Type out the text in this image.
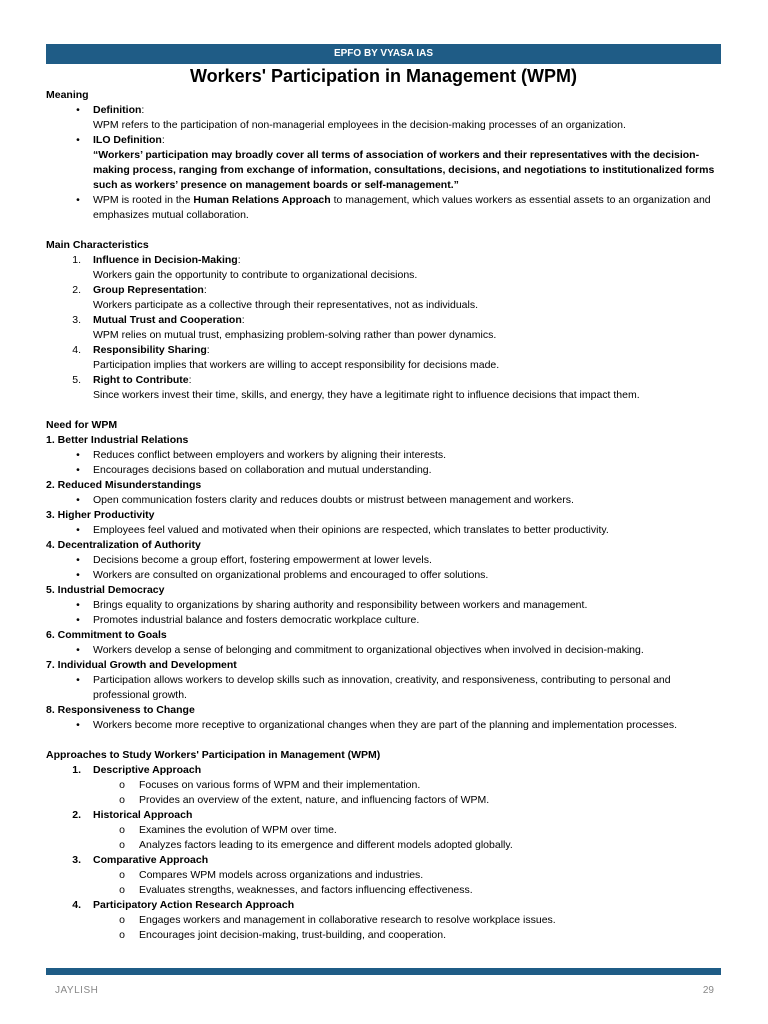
EPFO BY VYASA IAS
Workers' Participation in Management (WPM)

Meaning

•	Definition:
WPM refers to the participation of non-managerial employees in the decision-making processes of an organization.
•	ILO Definition:
“Workers’ participation may broadly cover all terms of association of workers and their representatives with the decision-making process, ranging from exchange of information, consultations, decisions, and negotiations to institutionalized forms such as workers’ presence on management boards or self-management.”
•	WPM is rooted in the Human Relations Approach to management, which values workers as essential assets to an organization and emphasizes mutual collaboration.

Main Characteristics

1. Influence in Decision-Making:
Workers gain the opportunity to contribute to organizational decisions.
2. Group Representation:
Workers participate as a collective through their representatives, not as individuals.
3. Mutual Trust and Cooperation:
WPM relies on mutual trust, emphasizing problem-solving rather than power dynamics.
4. Responsibility Sharing:
Participation implies that workers are willing to accept responsibility for decisions made.
5. Right to Contribute:
Since workers invest their time, skills, and energy, they have a legitimate right to influence decisions that impact them.

Need for WPM

1. Better Industrial Relations

•	Reduces conflict between employers and workers by aligning their interests.
•	Encourages decisions based on collaboration and mutual understanding.

2. Reduced Misunderstandings

•	Open communication fosters clarity and reduces doubts or mistrust between management and workers.

3. Higher Productivity

•	Employees feel valued and motivated when their opinions are respected, which translates to better productivity.

4. Decentralization of Authority

•	Decisions become a group effort, fostering empowerment at lower levels.
•	Workers are consulted on organizational problems and encouraged to offer solutions.

5. Industrial Democracy

•	Brings equality to organizations by sharing authority and responsibility between workers and management.
•	Promotes industrial balance and fosters democratic workplace culture.

6. Commitment to Goals

•	Workers develop a sense of belonging and commitment to organizational objectives when involved in decision-making.

7. Individual Growth and Development

•	Participation allows workers to develop skills such as innovation, creativity, and responsiveness, contributing to personal and professional growth.

8. Responsiveness to Change

•	Workers become more receptive to organizational changes when they are part of the planning and implementation processes.

Approaches to Study Workers' Participation in Management (WPM)

1. Descriptive Approach
o Focuses on various forms of WPM and their implementation.
o Provides an overview of the extent, nature, and influencing factors of WPM.
2. Historical Approach
o Examines the evolution of WPM over time.
o Analyzes factors leading to its emergence and different models adopted globally.
3. Comparative Approach
o Compares WPM models across organizations and industries.
o Evaluates strengths, weaknesses, and factors influencing effectiveness.
4. Participatory Action Research Approach
o Engages workers and management in collaborative research to resolve workplace issues.
o Encourages joint decision-making, trust-building, and cooperation.
JAYLISH	29
